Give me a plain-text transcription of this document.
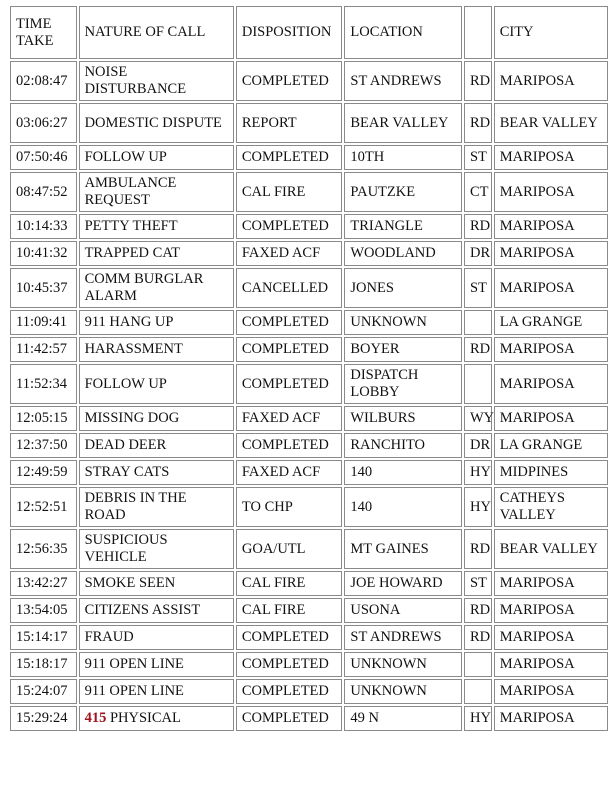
TIME TAKE	NATURE OF CALL	DISPOSITION	LOCATION		CITY
02:08:47	NOISE DISTURBANCE	COMPLETED	ST ANDREWS	RD	MARIPOSA
03:06:27	DOMESTIC DISPUTE	REPORT	BEAR VALLEY	RD	BEAR VALLEY
07:50:46	FOLLOW UP	COMPLETED	10TH	ST	MARIPOSA
08:47:52	AMBULANCE REQUEST	CAL FIRE	PAUTZKE	CT	MARIPOSA
10:14:33	PETTY THEFT	COMPLETED	TRIANGLE	RD	MARIPOSA
10:41:32	TRAPPED CAT	FAXED ACF	WOODLAND	DR	MARIPOSA
10:45:37	COMM BURGLAR ALARM	CANCELLED	JONES	ST	MARIPOSA
11:09:41	911 HANG UP	COMPLETED	UNKNOWN		LA GRANGE
11:42:57	HARASSMENT	COMPLETED	BOYER	RD	MARIPOSA
11:52:34	FOLLOW UP	COMPLETED	DISPATCH LOBBY		MARIPOSA
12:05:15	MISSING DOG	FAXED ACF	WILBURS	WY	MARIPOSA
12:37:50	DEAD DEER	COMPLETED	RANCHITO	DR	LA GRANGE
12:49:59	STRAY CATS	FAXED ACF	140	HY	MIDPINES
12:52:51	DEBRIS IN THE ROAD	TO CHP	140	HY	CATHEYS VALLEY
12:56:35	SUSPICIOUS VEHICLE	GOA/UTL	MT GAINES	RD	BEAR VALLEY
13:42:27	SMOKE SEEN	CAL FIRE	JOE HOWARD	ST	MARIPOSA
13:54:05	CITIZENS ASSIST	CAL FIRE	USONA	RD	MARIPOSA
15:14:17	FRAUD	COMPLETED	ST ANDREWS	RD	MARIPOSA
15:18:17	911 OPEN LINE	COMPLETED	UNKNOWN		MARIPOSA
15:24:07	911 OPEN LINE	COMPLETED	UNKNOWN		MARIPOSA
15:29:24	415 PHYSICAL	COMPLETED	49 N	HY	MARIPOSA
